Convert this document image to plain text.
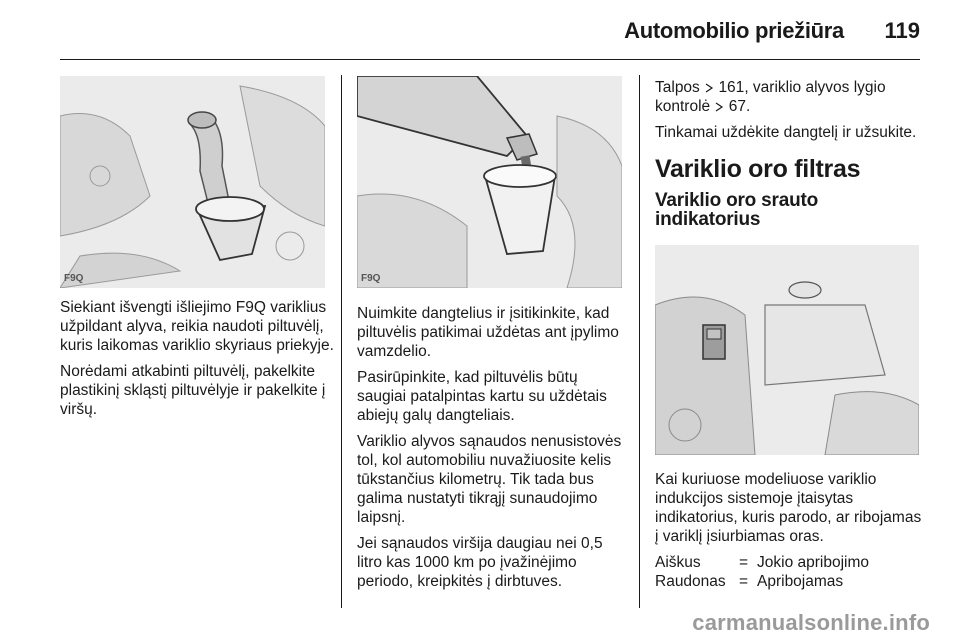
Automobilio priežiūra 119
F9Q	F9Q

Siekiant išvengti išliejimo F9Q variklius užpildant alyva, reikia naudoti piltuvėlį, kuris laikomas variklio skyriaus priekyje.

Norėdami atkabinti piltuvėlį, pakelkite plastikinį skląstį piltuvėlyje ir pakelkite į viršų.

Nuimkite dangtelius ir įsitikinkite, kad piltuvėlis patikimai uždėtas ant įpylimo vamzdelio.

Pasirūpinkite, kad piltuvėlis būtų saugiai patalpintas kartu su uždėtais abiejų galų dangteliais.

Variklio alyvos sąnaudos nenusistovės tol, kol automobiliu nuvažiuosite kelis tūkstančius kilometrų. Tik tada bus galima nustatyti tikrąjį sunaudojimo laipsnį.

Jei sąnaudos viršija daugiau nei 0,5 litro kas 1000 km po įvažinėjimo periodo, kreipkitės į dirbtuves.

Talpos 161, variklio alyvos lygio kontrolė 67.

Tinkamai uždėkite dangtelį ir užsukite.

Variklio oro filtras
Variklio oro srauto indikatorius

Kai kuriuose modeliuose variklio indukcijos sistemoje įtaisytas indikatorius, kuris parodo, ar ribojamas į variklį įsiurbiamas oras.

Aiškus	=	Jokio apribojimo
Raudonas	=	Apribojamas
carmanualsonline.info
